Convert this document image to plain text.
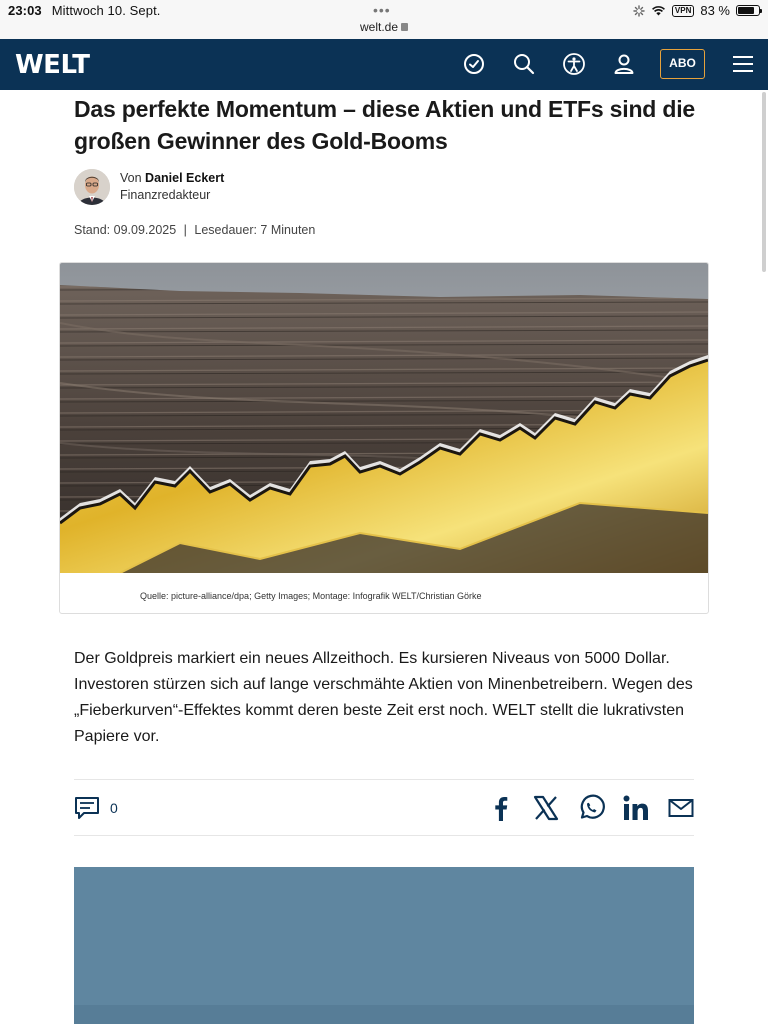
23:03 Mittwoch 10. Sept.	•••
welt.de
VPN 83 %
WELT	ABO
Das perfekte Momentum – diese Aktien und ETFs sind die großen Gewinner des Gold-Booms
Von Daniel Eckert
Finanzredakteur
Stand: 09.09.2025 | Lesedauer: 7 Minuten
Quelle: picture-alliance/dpa; Getty Images; Montage: Infografik WELT/Christian Görke

Der Goldpreis markiert ein neues Allzeithoch. Es kursieren Niveaus von 5000 Dollar. Investoren stürzen sich auf lange verschmähte Aktien von Minenbetreibern. Wegen des „Fieberkurven“-Effektes kommt deren beste Zeit erst noch. WELT stellt die lukrativsten Papiere vor.

0
